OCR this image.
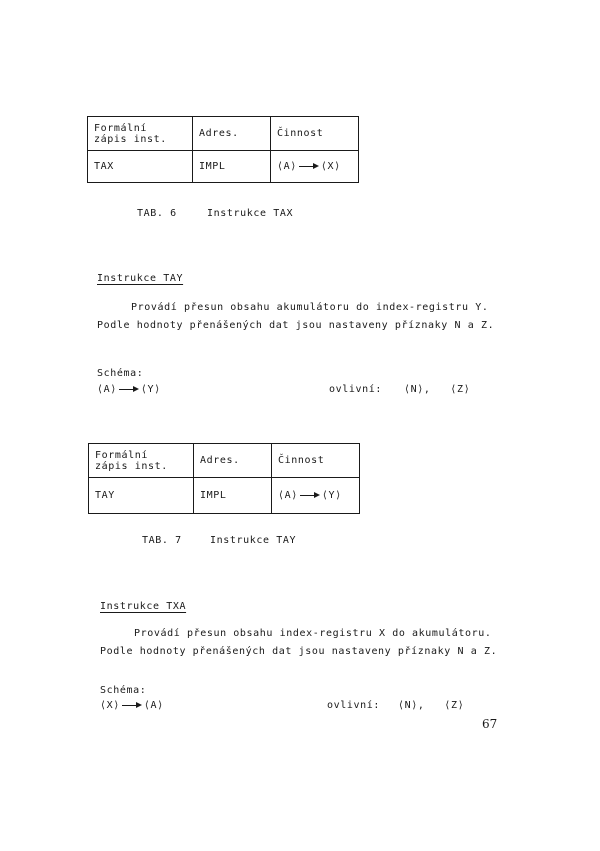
Formální
zápis inst.	Adres.	Činnost
TAX	IMPL	⟨A⟩ ⟨X⟩
TAB. 6	Instrukce TAX
Instrukce TAY
Provádí přesun obsahu akumulátoru do index-registru Y.
Podle hodnoty přenášených dat jsou nastaveny příznaky N a Z.
Schéma:
⟨A⟩ ⟨Y⟩	ovlivní: ⟨N⟩,   ⟨Z⟩
Formální
zápis inst.	Adres.	Činnost
TAY	IMPL	⟨A⟩ ⟨Y⟩
TAB. 7	Instrukce TAY
Instrukce TXA
Provádí přesun obsahu index-registru X do akumulátoru.
Podle hodnoty přenášených dat jsou nastaveny příznaky N a Z.
Schéma:
⟨X⟩ ⟨A⟩	ovlivní: ⟨N⟩,   ⟨Z⟩
67
